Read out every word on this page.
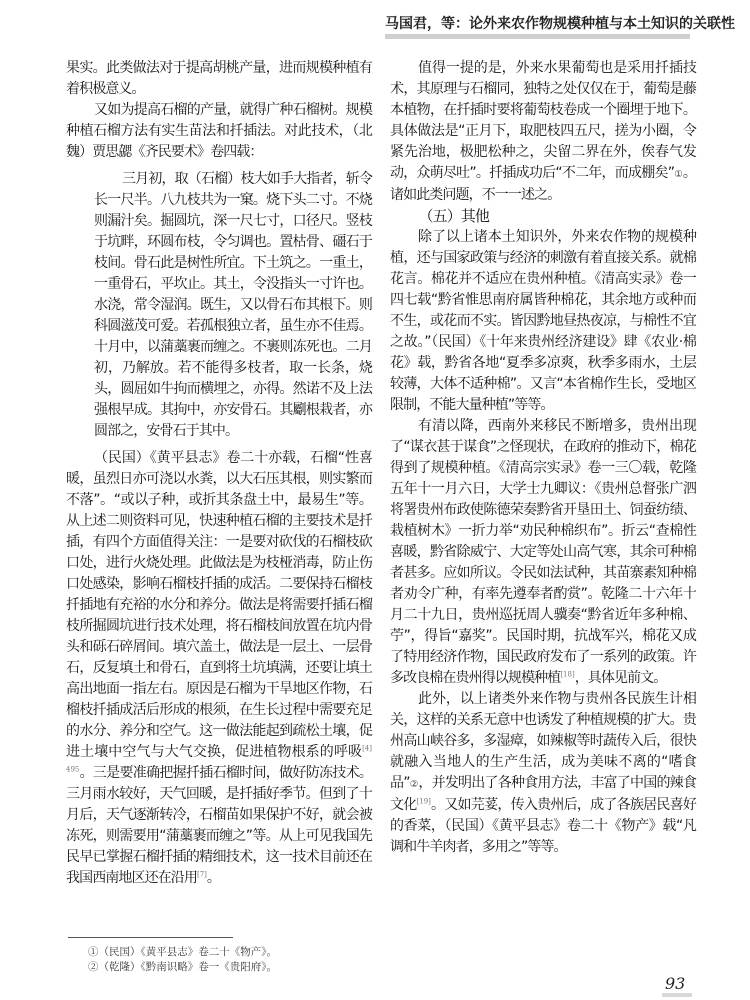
马国君，等：论外来农作物规模种植与本土知识的关联性

果实。此类做法对于提高胡桃产量，进而规模种植有着积极意义。

又如为提高石榴的产量，就得广种石榴树。规模种植石榴方法有实生苗法和扦插法。对此技术，（北魏）贾思勰《齐民要术》卷四载：

三月初，取（石榴）枝大如手大指者，斩令长一尺半。八九枝共为一窠。烧下头二寸。不烧则漏汁矣。掘圆坑，深一尺七寸，口径尺。竖枝于坑畔，环圆布枝，令匀调也。置枯骨、礓石于枝间。骨石此是树性所宜。下土筑之。一重土，一重骨石，平坎止。其土，令没指头一寸许也。水浇，常令湿润。既生，又以骨石布其根下。则科圆滋茂可爱。若孤根独立者，虽生亦不佳焉。十月中，以蒲藁裹而缠之。不裹则冻死也。二月初，乃解放。若不能得多枝者，取一长条，烧头，圆屈如牛拘而横埋之，亦得。然诺不及上法强根早成。其拘中，亦安骨石。其劚根栽者，亦圆部之，安骨石于其中。

（民国）《黄平县志》卷二十亦载，石榴“性喜暖，虽烈日亦可浇以水粪，以大石压其根，则实繁而不落”。“或以子种，或折其条盘土中，最易生”等。从上述二则资料可见，快速种植石榴的主要技术是扦插，有四个方面值得关注：一是要对砍伐的石榴枝砍口处，进行火烧处理。此做法是为枝桠消毒，防止伤口处感染，影响石榴枝扦插的成活。二要保持石榴枝扦插地有充裕的水分和养分。做法是将需要扦插石榴枝所掘圆坑进行技术处理，将石榴枝间放置在坑内骨头和砾石碎屑间。填穴盖土，做法是一层土、一层骨石，反复填土和骨石，直到将土坑填满，还要让填土高出地面一指左右。原因是石榴为干旱地区作物，石榴枝扦插成活后形成的根须，在生长过程中需要充足的水分、养分和空气。这一做法能起到疏松土壤，促进土壤中空气与大气交换，促进植物根系的呼吸$^{[4] 495}$。三是要准确把握扦插石榴时间，做好防冻技术。三月雨水较好，天气回暖，是扦插好季节。但到了十月后，天气逐渐转冷，石榴苗如果保护不好，就会被冻死，则需要用“蒲藁裹而缠之”等。从上可见我国先民早已掌握石榴扦插的精细技术，这一技术目前还在我国西南地区还在沿用[7]。

值得一提的是，外来水果葡萄也是采用扦插技术，其原理与石榴同，独特之处仅仅在于，葡萄是藤本植物，在扦插时要将葡萄枝卷成一个圈埋于地下。具体做法是“正月下，取肥枝四五尺，搓为小圈，令紧先治地，极肥松种之，尖留二界在外，俟春气发动，众萌尽吐”。扦插成功后“不二年，而成棚矣”①。诸如此类问题，不一一述之。

（五）其他

除了以上诸本土知识外，外来农作物的规模种植，还与国家政策与经济的刺激有着直接关系。就棉花言。棉花并不适应在贵州种植。《清高实录》卷一四七载“黔省惟思南府属皆种棉花，其余地方或种而不生，或花而不实。皆因黔地昼热夜凉，与棉性不宜之故。”（民国）《十年来贵州经济建设》肆《农业·棉花》载，黔省各地“夏季多凉爽，秋季多雨水，土层较薄，大体不适种棉”。又言“本省棉作生长，受地区限制，不能大量种植”等等。

有清以降，西南外来移民不断增多，贵州出现了“谋衣甚于谋食”之怪现状，在政府的推动下，棉花得到了规模种植。《清高宗实录》卷一三〇载，乾隆五年十一月六日，大学士九卿议：《贵州总督张广泗将署贵州布政使陈德荣奏黔省开垦田土、饲蚕纺绩、栽植树木》一折力举“劝民种棉织布”。折云“查棉性喜暖，黔省除威宁、大定等处山高气寒，其余可种棉者甚多。应如所议。令民如法试种，其苗寨素知种棉者劝令广种，有率先遵奉者酌赏”。乾隆二十六年十月二十九日，贵州巡抚周人骥奏“黔省近年多种棉、苧”，得旨“嘉奖”。民国时期，抗战军兴，棉花又成了特用经济作物，国民政府发布了一系列的政策。许多改良棉在贵州得以规模种植[18]，具体见前文。

此外，以上诸类外来作物与贵州各民族生计相关，这样的关系无意中也诱发了种植规模的扩大。贵州高山峡谷多，多湿瘴，如辣椒等时蔬传入后，很快就融入当地人的生产生活，成为美味不离的“嗜食品”②，并发明出了各种食用方法，丰富了中国的辣食文化[19]。又如芫荽，传入贵州后，成了各族居民喜好的香菜，（民国）《黄平县志》卷二十《物产》载“凡调和牛羊肉者，多用之”等等。

①（民国）《黄平县志》卷二十《物产》。
②（乾隆）《黔南识略》卷一《贵阳府》。
93
